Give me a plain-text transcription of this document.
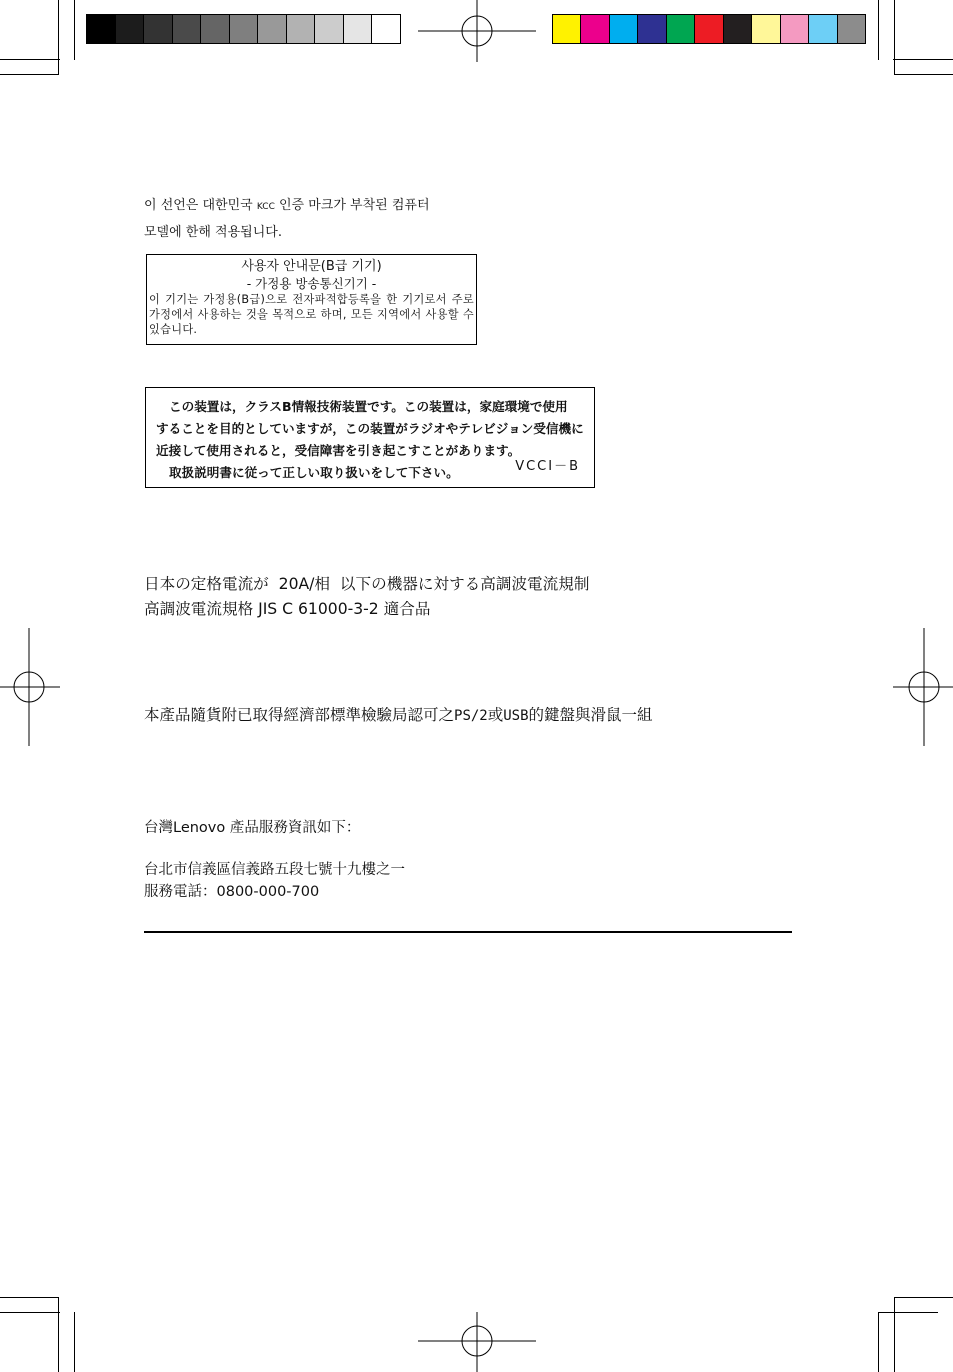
이 선언은 대한민국 KCC 인증 마크가 부착된 컴퓨터
모델에 한해 적용됩니다.
사용자 안내문(B급 기기)
- 가정용 방송통신기기 -
이 기기는 가정용(B급)으로 전자파적합등록을 한 기기로서 주로 가정에서 사용하는 것을 목적으로 하며, 모든 지역에서 사용할 수 있습니다.
この装置は，クラスB情報技術装置です。この装置は，家庭環境で使用
することを目的としていますが，この装置がラジオやテレビジョン受信機に
近接して使用されると，受信障害を引き起こすことがあります。
取扱説明書に従って正しい取り扱いをして下さい。	VCCI－B
日本の定格電流が  20A/相  以下の機器に対する高調波電流規制
高調波電流規格 JIS C 61000-3-2 適合品
本產品隨貨附已取得經濟部標準檢驗局認可之PS/2或USB的鍵盤與滑鼠一組
台灣Lenovo 產品服務資訊如下：
台北市信義區信義路五段七號十九樓之一
服務電話：0800-000-700
